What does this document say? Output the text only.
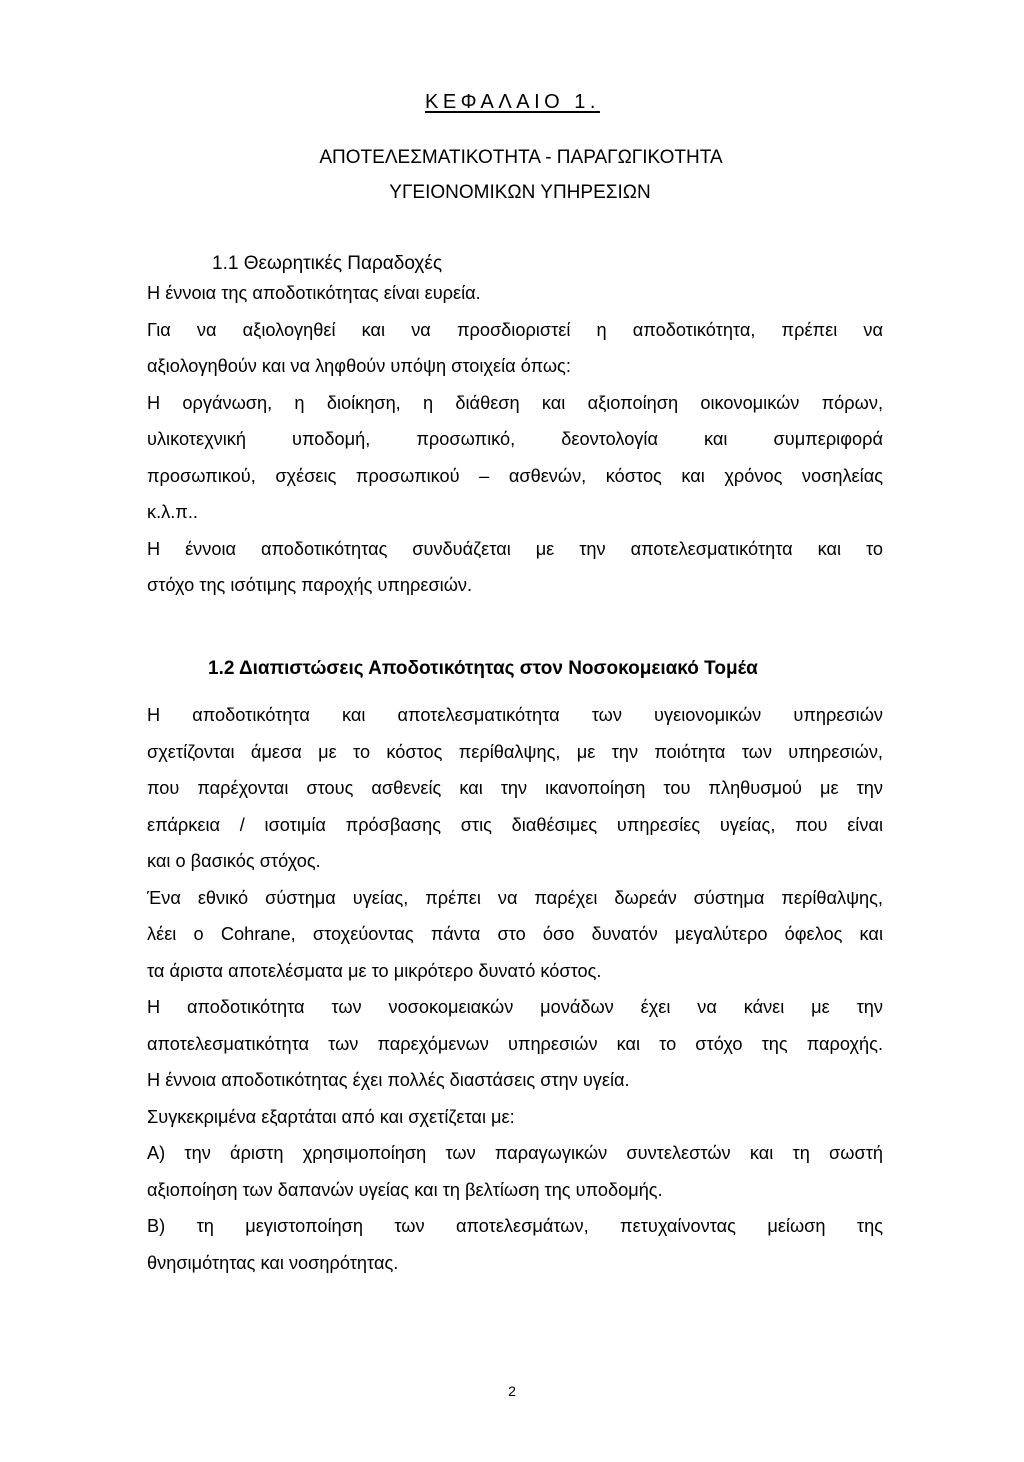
ΚΕΦΑΛΑΙΟ 1.
ΑΠΟΤΕΛΕΣΜΑΤΙΚΟΤΗΤΑ - ΠΑΡΑΓΩΓΙΚΟΤΗΤΑ
ΥΓΕΙΟΝΟΜΙΚΩΝ ΥΠΗΡΕΣΙΩΝ
1.1 Θεωρητικές Παραδοχές
Η έννοια της αποδοτικότητας είναι ευρεία.
Για να αξιολογηθεί και να προσδιοριστεί η αποδοτικότητα, πρέπει να
αξιολογηθούν και να ληφθούν υπόψη στοιχεία όπως:
Η οργάνωση, η διοίκηση, η διάθεση και αξιοποίηση οικονομικών πόρων,
υλικοτεχνική υποδομή, προσωπικό, δεοντολογία και συμπεριφορά
προσωπικού, σχέσεις προσωπικού – ασθενών, κόστος και χρόνος νοσηλείας
κ.λ.π..
Η έννοια αποδοτικότητας συνδυάζεται με την αποτελεσματικότητα και το
στόχο της ισότιμης παροχής υπηρεσιών.
1.2 Διαπιστώσεις Αποδοτικότητας στον Νοσοκομειακό Τομέα
Η αποδοτικότητα και αποτελεσματικότητα των υγειονομικών υπηρεσιών
σχετίζονται άμεσα με το κόστος περίθαλψης, με την ποιότητα των υπηρεσιών,
που παρέχονται στους ασθενείς και την ικανοποίηση του πληθυσμού με την
επάρκεια / ισοτιμία πρόσβασης στις διαθέσιμες υπηρεσίες υγείας, που είναι
και ο βασικός στόχος.
Ένα εθνικό σύστημα υγείας, πρέπει να παρέχει δωρεάν σύστημα περίθαλψης,
λέει ο Cohrane, στοχεύοντας πάντα στο όσο δυνατόν μεγαλύτερο όφελος και
τα άριστα αποτελέσματα με το μικρότερο δυνατό κόστος.
Η αποδοτικότητα των νοσοκομειακών μονάδων έχει να κάνει με την
αποτελεσματικότητα των παρεχόμενων υπηρεσιών και το στόχο της παροχής.
Η έννοια αποδοτικότητας έχει πολλές διαστάσεις στην υγεία.
Συγκεκριμένα εξαρτάται από και σχετίζεται με:
Α) την άριστη χρησιμοποίηση των παραγωγικών συντελεστών και τη σωστή
αξιοποίηση των δαπανών υγείας και τη βελτίωση της υποδομής.
Β) τη μεγιστοποίηση των αποτελεσμάτων, πετυχαίνοντας μείωση της
θνησιμότητας και νοσηρότητας.
2
